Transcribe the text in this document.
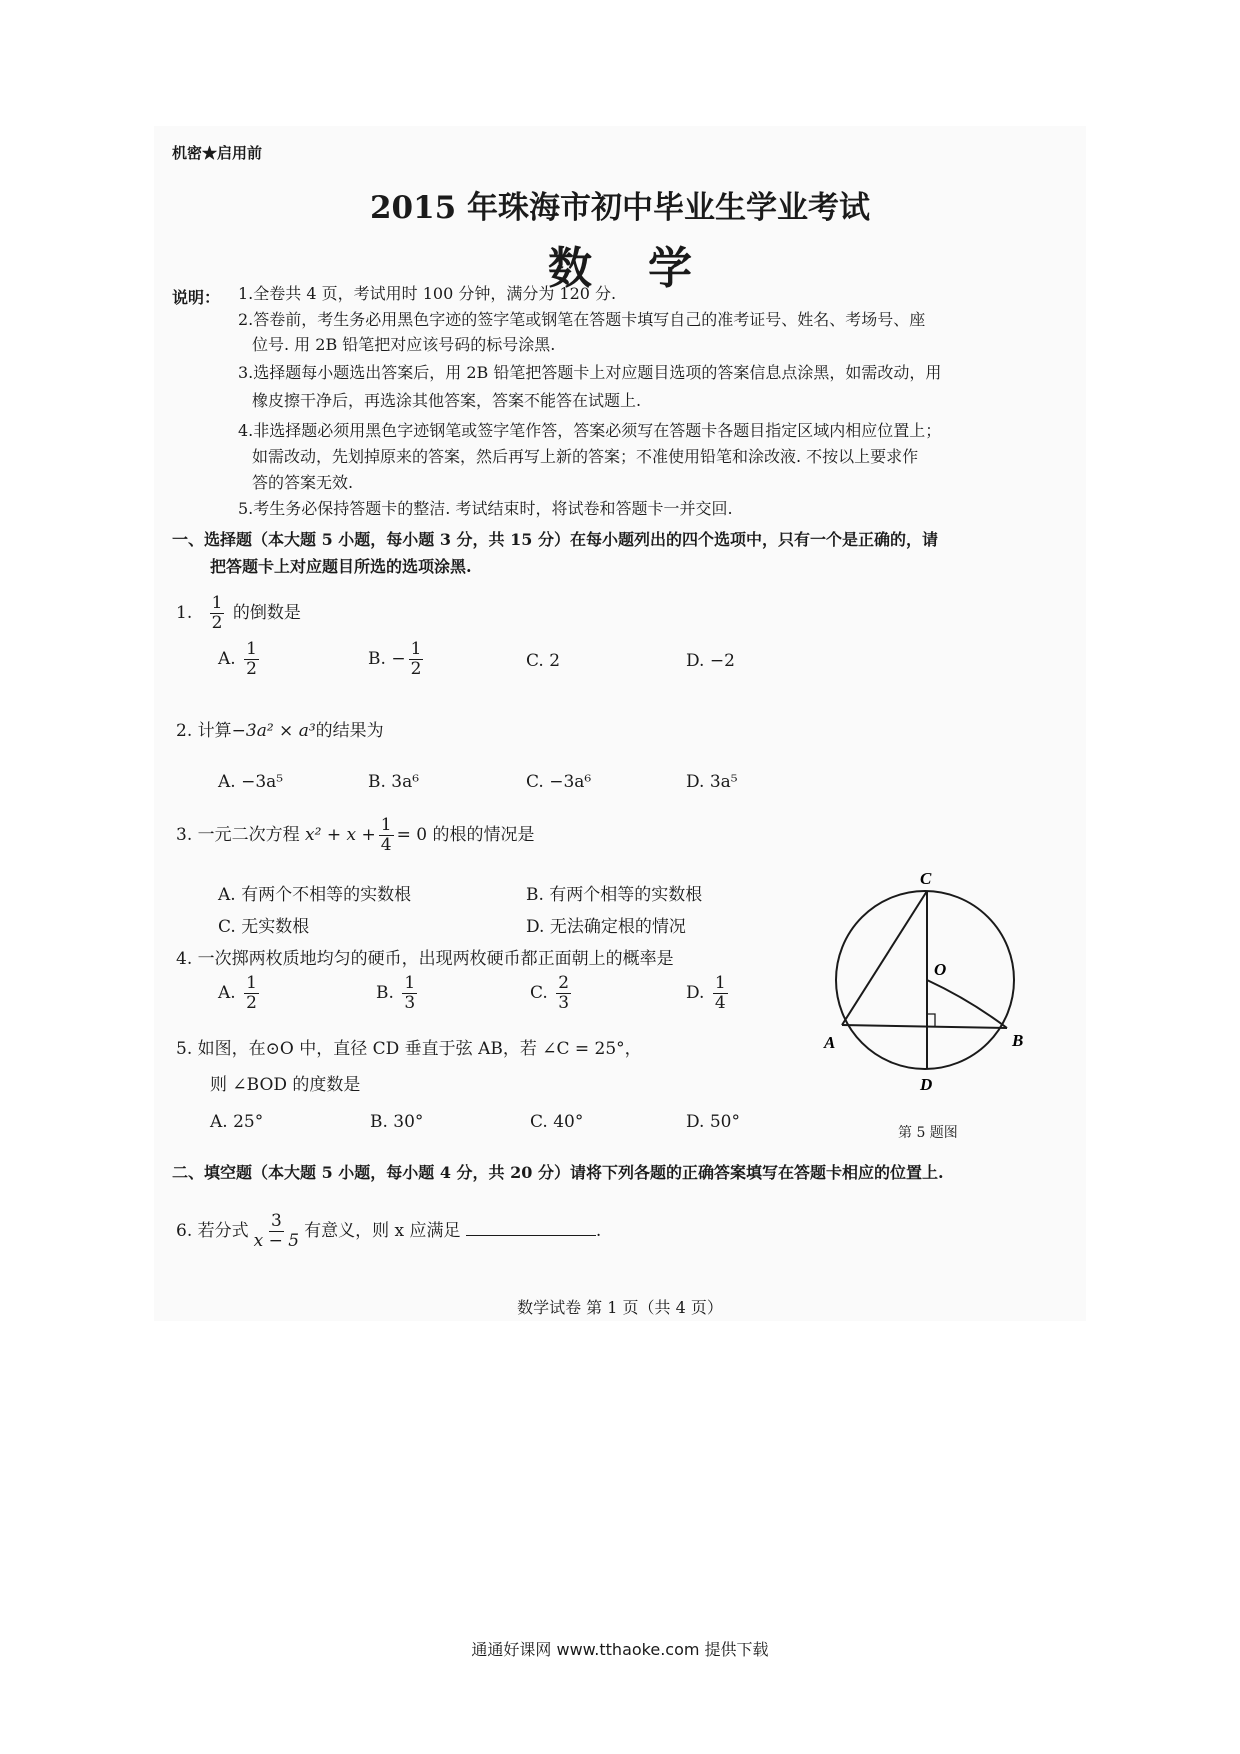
机密★启用前
2015 年珠海市初中毕业生学业考试
数学
说明： 1.全卷共 4 页，考试用时 100 分钟，满分为 120 分.
2.答卷前，考生务必用黑色字迹的签字笔或钢笔在答题卡填写自己的准考证号、姓名、考场号、座
位号. 用 2B 铅笔把对应该号码的标号涂黑.
3.选择题每小题选出答案后，用 2B 铅笔把答题卡上对应题目选项的答案信息点涂黑，如需改动，用
橡皮擦干净后，再选涂其他答案，答案不能答在试题上.
4.非选择题必须用黑色字迹钢笔或签字笔作答，答案必须写在答题卡各题目指定区域内相应位置上；
如需改动，先划掉原来的答案，然后再写上新的答案；不准使用铅笔和涂改液. 不按以上要求作
答的答案无效.
5.考生务必保持答题卡的整洁. 考试结束时，将试卷和答题卡一并交回.
一、选择题（本大题 5 小题，每小题 3 分，共 15 分）在每小题列出的四个选项中，只有一个是正确的，请
把答题卡上对应题目所选的选项涂黑.
1. $\frac{1}{2}$ 的倒数是
A. $\frac{1}{2}$	B. − $\frac{1}{2}$	C. 2	D. −2
2. 计算−3a² × a³的结果为
A. −3a⁵	B. 3a⁶	C. −3a⁶	D. 3a⁵
3. 一元二次方程 $x^2 + x + \frac{1}{4} = 0$ 的根的情况是
A. 有两个不相等的实数根	B. 有两个相等的实数根
C. 无实数根	D. 无法确定根的情况
4. 一次掷两枚质地均匀的硬币，出现两枚硬币都正面朝上的概率是
A. $\frac{1}{2}$	B. $\frac{1}{3}$	C. $\frac{2}{3}$	D. $\frac{1}{4}$
5. 如图，在⊙O 中，直径 CD 垂直于弦 AB，若 ∠C = 25°，
则 ∠BOD 的度数是
A. 25°	B. 30°	C. 40°	D. 50°
C
O
A	B
D
第 5 题图
二、填空题（本大题 5 小题，每小题 4 分，共 20 分）请将下列各题的正确答案填写在答题卡相应的位置上.
6. 若分式 $\frac{3}{x - 5}$ 有意义，则 x 应满足	.
数学试卷 第 1 页（共 4 页）
通通好课网 www.tthaoke.com 提供下载
